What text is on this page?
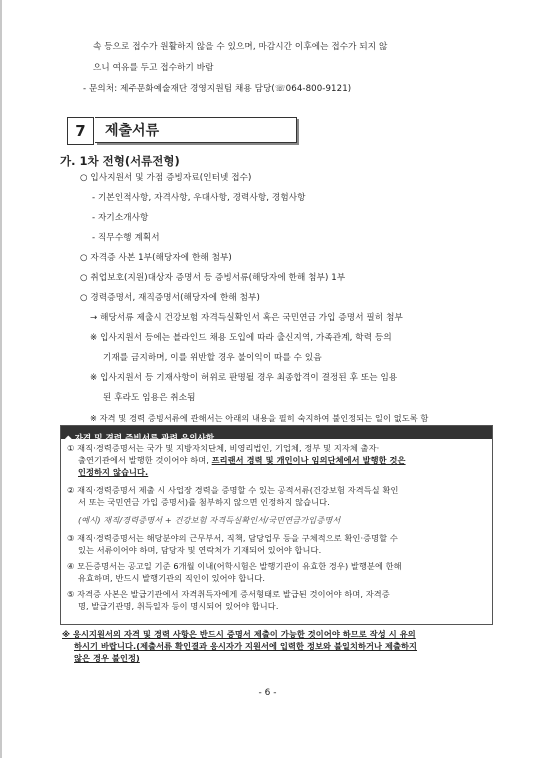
속 등으로 접수가 원활하지 않을 수 있으며, 마감시간 이후에는 접수가 되지 않
으니 여유를 두고 접수하기 바람
- 문의처: 제주문화예술재단 경영지원팀 채용 담당(☏064-800-9121)
7	제출서류
가. 1차 전형(서류전형)
○ 입사지원서 및 가점 증빙자료(인터넷 접수)
- 기본인적사항, 자격사항, 우대사항, 경력사항, 경험사항
- 자기소개사항
- 직무수행 계획서
○ 자격증 사본 1부(해당자에 한해 첨부)
○ 취업보호(지원)대상자 증명서 등 증빙서류(해당자에 한해 첨부) 1부
○ 경력증명서, 재직증명서(해당자에 한해 첨부)
→ 해당서류 제출시 건강보험 자격득실확인서 혹은 국민연금 가입 증명서 필히 첨부
※ 입사지원서 등에는 블라인드 채용 도입에 따라 출신지역, 가족관계, 학력 등의
기재를 금지하며, 이를 위반할 경우 불이익이 따를 수 있음
※ 입사지원서 등 기재사항이 허위로 판명될 경우 최종합격이 결정된 후 또는 임용
된 후라도 임용은 취소됨
※ 자격 및 경력 증빙서류에 관해서는 아래의 내용을 필히 숙지하여 불인정되는 일이 없도록 함
◆ 자격 및 경력 증빙서류 관련 유의사항
① 재직·경력증명서는 국가 및 지방자치단체, 비영리법인, 기업체, 정부 및 지자체 출자·
출연기관에서 발행한 것이어야 하며, 프리랜서 경력 및 개인이나 임의단체에서 발행한 것은
인정하지 않습니다.
② 재직·경력증명서 제출 시 사업장 경력을 증명할 수 있는 공적서류(건강보험 자격득실 확인
서 또는 국민연금 가입 증명서)를 첨부하지 않으면 인정하지 않습니다.
(예시) 재직/경력증명서 + 건강보험 자격득실확인서/국민연금가입증명서
③ 재직·경력증명서는 해당분야의 근무부서, 직책, 담당업무 등을 구체적으로 확인·증명할 수
있는 서류이어야 하며, 담당자 및 연락처가 기재되어 있어야 합니다.
④ 모든증명서는 공고일 기준 6개월 이내(어학시험은 발행기관이 유효한 경우) 발행분에 한해
유효하며, 반드시 발행기관의 직인이 있어야 합니다.
⑤ 자격증 사본은 발급기관에서 자격취득자에게 증서형태로 발급된 것이어야 하며, 자격증
명, 발급기관명, 취득일자 등이 명시되어 있어야 합니다.
※ 응시지원서의 자격 및 경력 사항은 반드시 증명서 제출이 가능한 것이어야 하므로 작성 시 유의
하시기 바랍니다.(제출서류 확인결과 응시자가 지원서에 입력한 정보와 불일치하거나 제출하지
않은 경우 불인정)
- 6 -
